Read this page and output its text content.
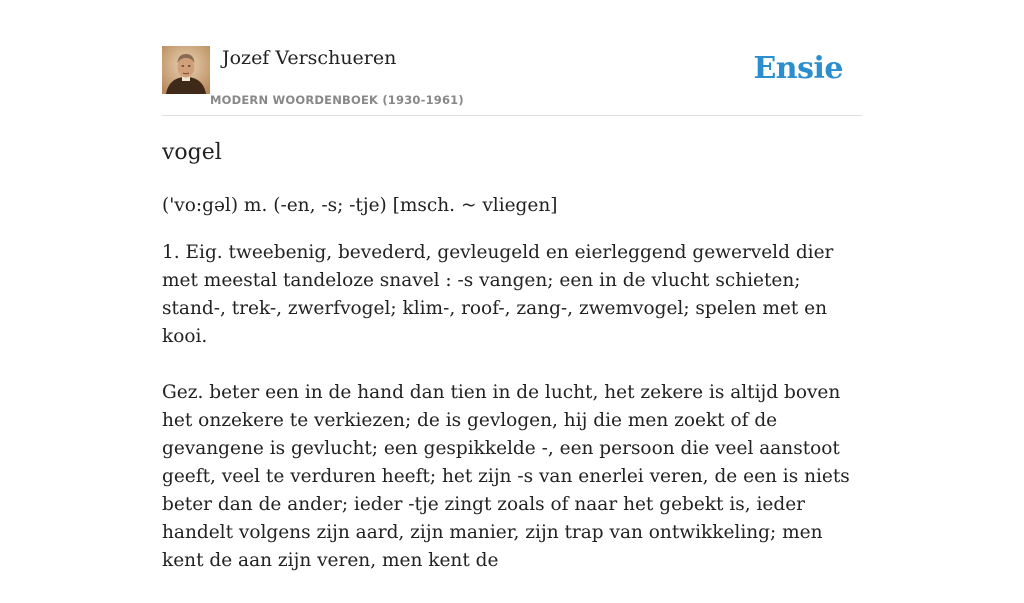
Jozef Verschueren
MODERN WOORDENBOEK (1930-1961)
Ensie
vogel
('vo:gəl) m. (-en, -s; -tje) [msch. ~ vliegen]

1. Eig. tweebenig, bevederd, gevleugeld en eierleggend gewerveld dier met meestal tandeloze snavel : -s vangen; een in de vlucht schieten; stand-, trek-, zwerfvogel; klim-, roof-, zang-, zwemvogel; spelen met en kooi.

Gez. beter een in de hand dan tien in de lucht, het zekere is altijd boven het onzekere te verkiezen; de is gevlogen, hij die men zoekt of de gevangene is gevlucht; een gespikkelde -, een persoon die veel aanstoot geeft, veel te verduren heeft; het zijn -s van enerlei veren, de een is niets beter dan de ander; ieder -tje zingt zoals of naar het gebekt is, ieder handelt volgens zijn aard, zijn manier, zijn trap van ontwikkeling; men kent de aan zijn veren, men kent de
